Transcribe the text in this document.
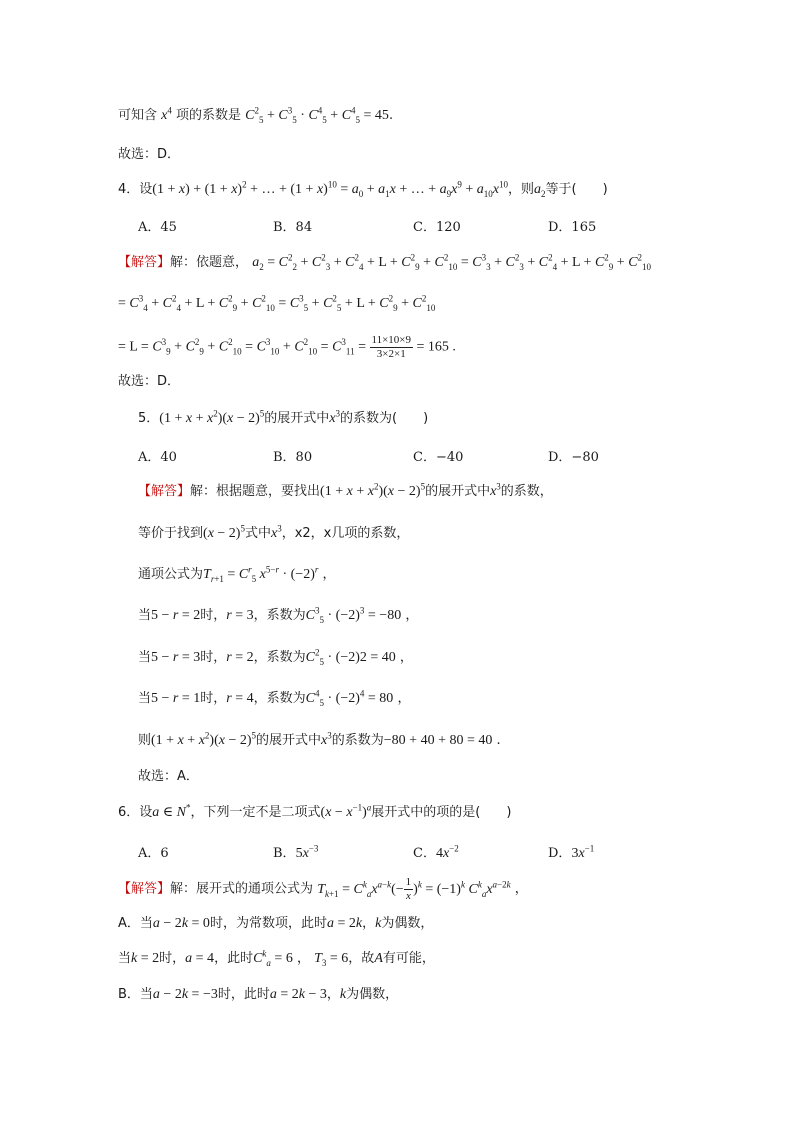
可知含 $x^4$ 项的系数是 $C^2_5 + C^3_5 \cdot C^4_5 + C^4_5 = 45$.
故选：D．
4．设$(1 + x) + (1 + x)^2$ + … + $(1 + x)^{10} = a_0 + a_1x$ + … + $a_9x^9 + a_{10}x^{10}$，则$a_2$等于(　　)
A．45	B．84	C．120	D．165
【解答】解：依题意， $a_2 = C^2_2 + C^2_3 + C^2_4 + L + C^2_9 + C^2_{10} = C^3_3 + C^2_3 + C^2_4 + L + C^2_9 + C^2_{10}$
= $C^3_4 + C^2_4 + L + C^2_9 + C^2_{10} = C^3_5 + C^2_5 + L + C^2_9 + C^2_{10}$
= $L = C^3_9 + C^2_9 + C^2_{10} = C^3_{10} + C^2_{10} = C^3_{11} = \frac{11\times 10\times 9}{3\times 2\times 1} = 165$ .
故选：D．
5．$(1 + x + x^2)(x - 2)^5$的展开式中$x^3$的系数为(　　)
A．40	B．80	C．−40	D．−80
【解答】解：根据题意，要找出$(1 + x + x^2)(x - 2)^5$的展开式中$x^3$的系数，
等价于找到$(x - 2)^5$式中$x^3$，x2，x几项的系数，
通项公式为$T_{r+1} = C^r_5$ $x^{5-r} \cdot (-2)^r$ ，
当5 − r = 2时，r = 3，系数为$C^3_5 \cdot (-2)^3 = -80$ ，
当5 − r = 3时，r = 2，系数为$C^2_5 \cdot (-2)2 = 40$ ，
当5 − r = 1时，r = 4，系数为$C^4_5 \cdot (-2)^4 = 80$ ，
则$(1 + x + x^2)(x - 2)^5$的展开式中$x^3$的系数为−80 + 40 + 80 = 40 .
故选：A．
6．设a ∈ N*，下列一定不是二项式$(x - x^{-1})^a$展开式中的项的是(　　)
A．6	B．$5x^{-3}$	C．$4x^{-2}$	D．$3x^{-1}$
【解答】解：展开式的通项公式为 $T_{k+1} = C^k_ax^{a-k}(- \frac{1}{x} )^k = (-1)^k$ $C^k_ax^{a-2k}$ ，
A．当a − 2k = 0时，为常数项，此时a = 2k，k为偶数，
当k = 2时，a = 4，此时$C^k_a = 6$ ， $T_3 = 6$，故A有可能，
B．当a − 2k = −3时，此时a = 2k − 3，k为偶数，
